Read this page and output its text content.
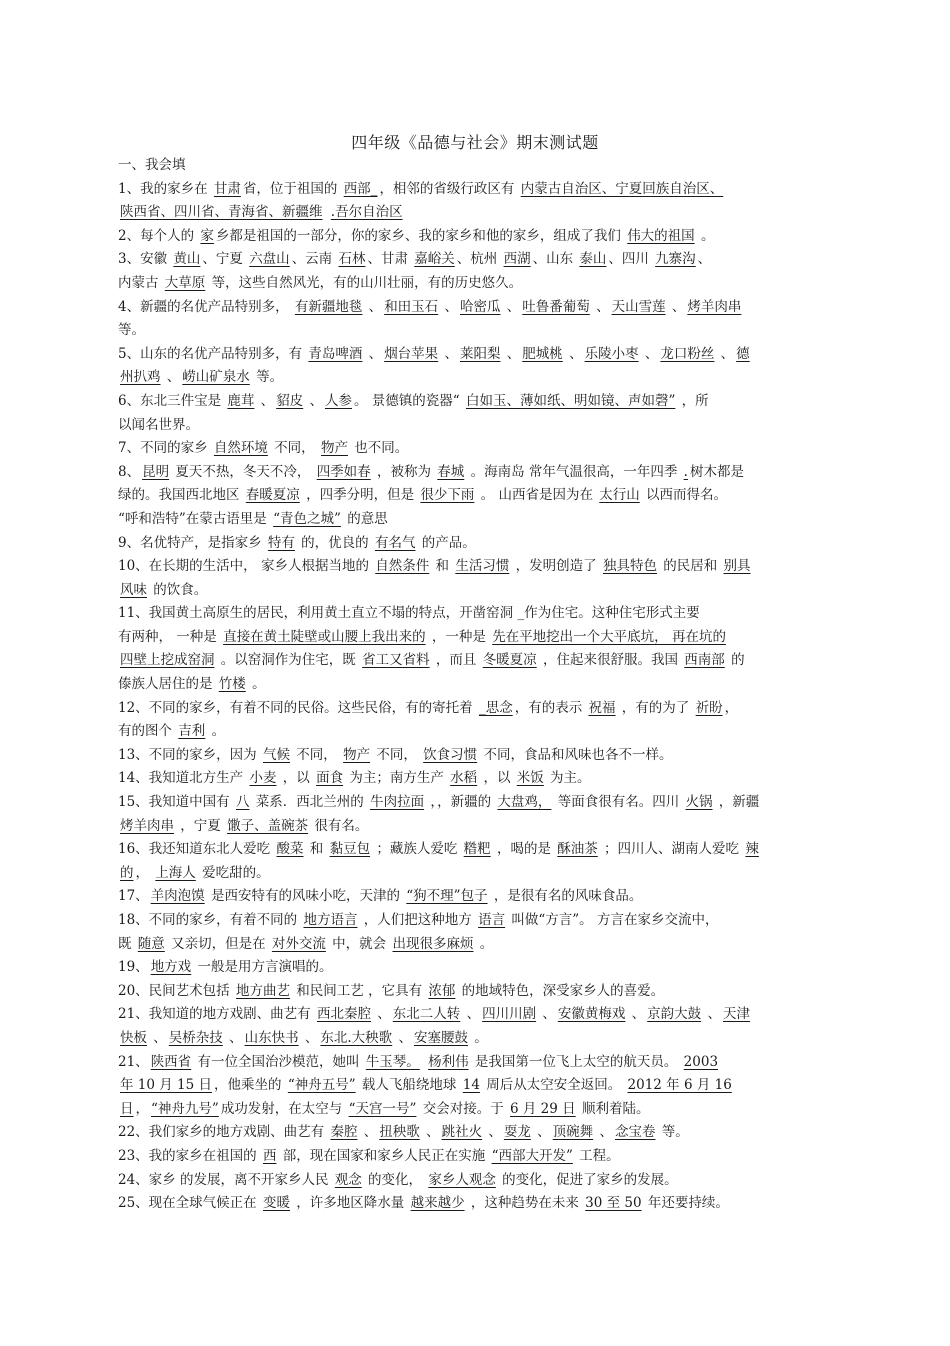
四年级《品德与社会》期末测试题

一、我会填

1、我的家乡在 甘肃 省，位于祖国的 西部_ ，相邻的省级行政区有 内蒙古自治区、宁夏回族自治区、

陕西省、四川省、青海省、新疆维 .吾尔自治区

2、每个人的 家 乡都是祖国的一部分，你的家乡、我的家乡和他的家乡，组成了我们 伟大的祖国 。

3、安徽 黄山 、宁夏 六盘山 、云南 石林 、甘肃 嘉峪关 、杭州 西湖 、山东 泰山 、四川 九寨沟 、

内蒙古 大草原 等，这些自然风光，有的山川壮丽，有的历史悠久。

4、新疆的名优产品特别多， 有新疆地毯 、 和田玉石 、 哈密瓜 、 吐鲁番葡萄 、 天山雪莲 、 烤羊肉串

等。

5、山东的名优产品特别多，有 青岛啤酒 、 烟台苹果 、 莱阳梨 、 肥城桃 、 乐陵小枣 、 龙口粉丝 、 德

州扒鸡 、 崂山矿泉水 等。

6、东北三件宝是 鹿茸 、 貂皮 、 人参 。 景德镇的瓷器“ 白如玉、薄如纸、明如镜、声如磬” ，所

以闻名世界。

7、不同的家乡 自然环境 不同， 物产 也不同。

8、 昆明 夏天不热，冬天不冷， 四季如春 ，被称为 春城 。海南岛 常年气温很高，一年四季 . 树木都是

绿的。我国西北地区 春暖夏凉 ，四季分明，但是 很少下雨 。 山西省是因为在 太行山 以西而得名。

“呼和浩特”在蒙古语里是 “青色之城” 的意思

9、名优特产，是指家乡 特有 的，优良的 有名气 的产品。

10、在长期的生活中， 家乡人根据当地的 自然条件 和 生活习惯 ，发明创造了 独具特色 的民居和 别具

风味 的饮食。

11、我国黄土高原生的居民，利用黄土直立不塌的特点，开凿窑洞 _作为住宅。这种住宅形式主要

有两种， 一种是 直接在黄土陡壁或山腰上我出来的 ，一种是 先在平地挖出一个大平底坑， 再在坑的

四壁上挖成窑洞 。以窑洞作为住宅，既 省工又省料 ，而且 冬暖夏凉 ，住起来很舒服。我国 西南部 的

傣族人居住的是 竹楼 。

12、不同的家乡，有着不同的民俗。这些民俗，有的寄托着 _思念 ，有的表示 祝福 ，有的为了 祈盼 ，

有的图个 吉利 。

13、不同的家乡，因为 气候 不同， 物产 不同， 饮食习惯 不同，食品和风味也各不一样。

14、我知道北方生产 小麦 ，以 面食 为主；南方生产 水稻 ，以 米饭 为主。

15、我知道中国有 八 菜系．西北兰州的 牛肉拉面 ，，新疆的 大盘鸡， 等面食很有名。四川 火锅 ，新疆

烤羊肉串 ，宁夏 馓子、盖碗茶 很有名。

16、我还知道东北人爱吃 酸菜 和 黏豆包 ；藏族人爱吃 糌粑 ，喝的是 酥油茶 ；四川人、湖南人爱吃 辣

的 ， 上海人 爱吃甜的。

17、 羊肉泡馍 是西安特有的风味小吃，天津的 “狗不理”包子 ，是很有名的风味食品。

18、不同的家乡，有着不同的 地方语言 ，人们把这种地方 语言 叫做“方言”。 方言在家乡交流中，

既 随意 又亲切，但是在 对外交流 中，就会 出现很多麻烦 。

19、 地方戏 一般是用方言演唱的。

20、民间艺术包括 地方曲艺 和民间工艺 ，它具有 浓郁 的地域特色，深受家乡人的喜爱。

21、我知道的地方戏剧、曲艺有 西北秦腔 、 东北二人转 、 四川川剧 、 安徽黄梅戏 、 京韵大鼓 、 天津

快板 、 吴桥杂技 、 山东快书 、 东北.大秧歌 、 安塞腰鼓 。

21、 陕西省 有一位全国治沙模范，她叫 牛玉琴。 杨利伟 是我国第一位飞上太空的航天员。 2003

年 10 月 15 日 ，他乘坐的 “神舟五号” 载人飞船绕地球 14 周后从太空安全返回。 2012 年 6 月 16

日 ， “神舟九号” 成功发射，在太空与 “天宫一号” 交会对接。于 6 月 29 日 顺利着陆。

22、我们家乡的地方戏剧、曲艺有 秦腔 、 扭秧歌 、 跳社火 、 耍龙 、 顶碗舞 、 念宝卷 等。

23、我的家乡在祖国的 西 部，现在国家和家乡人民正在实施 “西部大开发” 工程。

24、家乡 的发展，离不开家乡人民 观念 的变化， 家乡人观念 的变化，促进了家乡的发展。

25、现在全球气候正在 变暖 ，许多地区降水量 越来越少 ，这种趋势在未来 30 至 50 年还要持续。
